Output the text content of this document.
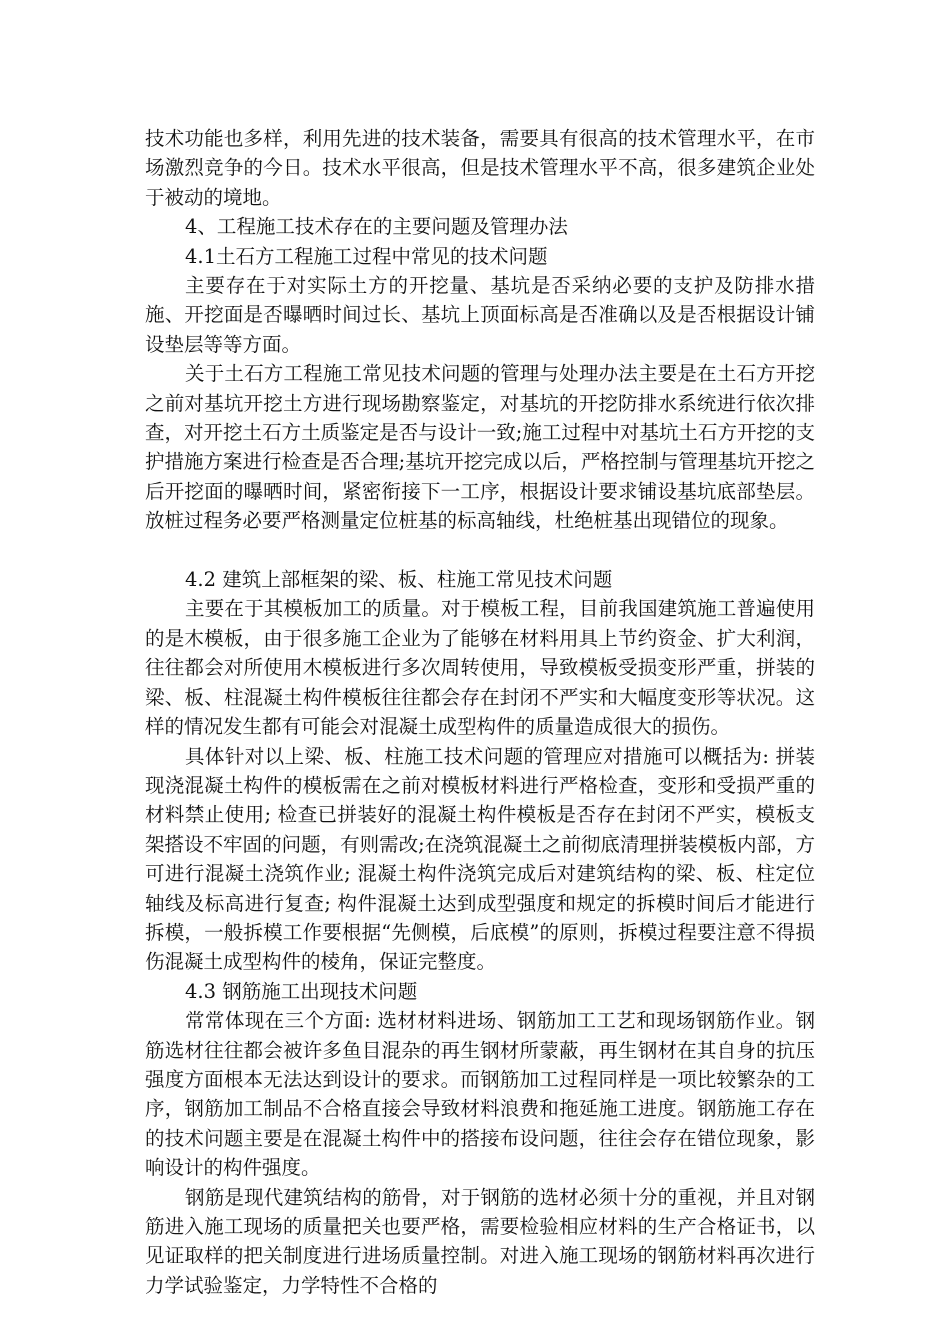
技术功能也多样，利用先进的技术装备，需要具有很高的技术管理水平，在市场激烈竞争的今日。技术水平很高，但是技术管理水平不高，很多建筑企业处于被动的境地。

4、工程施工技术存在的主要问题及管理办法

4.1土石方工程施工过程中常见的技术问题

主要存在于对实际土方的开挖量、基坑是否采纳必要的支护及防排水措施、开挖面是否曝晒时间过长、基坑上顶面标高是否准确以及是否根据设计铺设垫层等等方面。

关于土石方工程施工常见技术问题的管理与处理办法主要是在土石方开挖之前对基坑开挖土方进行现场勘察鉴定，对基坑的开挖防排水系统进行依次排查，对开挖土石方土质鉴定是否与设计一致;施工过程中对基坑土石方开挖的支护措施方案进行检查是否合理;基坑开挖完成以后，严格控制与管理基坑开挖之后开挖面的曝晒时间，紧密衔接下一工序，根据设计要求铺设基坑底部垫层。放桩过程务必要严格测量定位桩基的标高轴线，杜绝桩基出现错位的现象。

4.2 建筑上部框架的梁、板、柱施工常见技术问题

主要在于其模板加工的质量。对于模板工程，目前我国建筑施工普遍使用的是木模板，由于很多施工企业为了能够在材料用具上节约资金、扩大利润，往往都会对所使用木模板进行多次周转使用，导致模板受损变形严重，拼装的梁、板、柱混凝土构件模板往往都会存在封闭不严实和大幅度变形等状况。这样的情况发生都有可能会对混凝土成型构件的质量造成很大的损伤。

具体针对以上梁、板、柱施工技术问题的管理应对措施可以概括为: 拼装现浇混凝土构件的模板需在之前对模板材料进行严格检查，变形和受损严重的材料禁止使用; 检查已拼装好的混凝土构件模板是否存在封闭不严实，模板支架搭设不牢固的问题，有则需改;在浇筑混凝土之前彻底清理拼装模板内部，方可进行混凝土浇筑作业; 混凝土构件浇筑完成后对建筑结构的梁、板、柱定位轴线及标高进行复查; 构件混凝土达到成型强度和规定的拆模时间后才能进行拆模，一般拆模工作要根据“先侧模，后底模”的原则，拆模过程要注意不得损伤混凝土成型构件的棱角，保证完整度。

4.3 钢筋施工出现技术问题

常常体现在三个方面: 选材材料进场、钢筋加工工艺和现场钢筋作业。钢筋选材往往都会被许多鱼目混杂的再生钢材所蒙蔽，再生钢材在其自身的抗压强度方面根本无法达到设计的要求。而钢筋加工过程同样是一项比较繁杂的工序，钢筋加工制品不合格直接会导致材料浪费和拖延施工进度。钢筋施工存在的技术问题主要是在混凝土构件中的搭接布设问题，往往会存在错位现象，影响设计的构件强度。

钢筋是现代建筑结构的筋骨，对于钢筋的选材必须十分的重视，并且对钢筋进入施工现场的质量把关也要严格，需要检验相应材料的生产合格证书，以见证取样的把关制度进行进场质量控制。对进入施工现场的钢筋材料再次进行力学试验鉴定，力学特性不合格的
